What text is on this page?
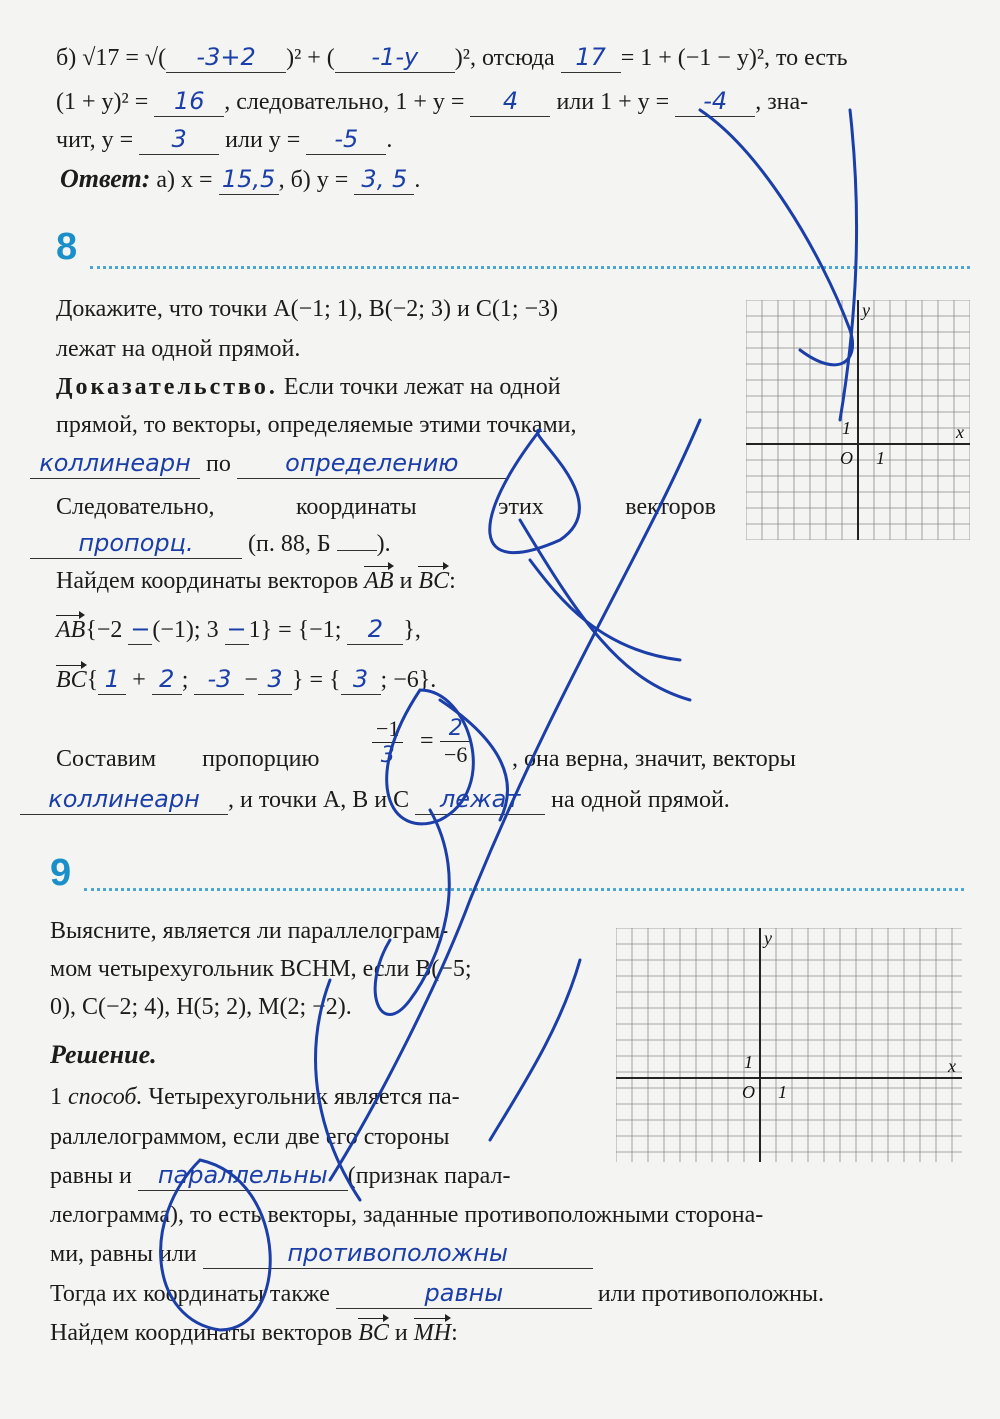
б) √17 = √( -3+2 )² + ( -1-y )², отсюда 17 = 1 + (−1 − y)², то есть
(1 + y)² = 16 , следовательно, 1 + y = 4 или 1 + y = -4 , зна-
чит, y = 3 или y = -5 .
Ответ: а) x = 15,5 , б) y = 3, 5 .
8
Докажите, что точки A(−1; 1), B(−2; 3) и C(1; −3)
лежат на одной прямой.
Доказательство. Если точки лежат на одной
прямой, то векторы, определяемые этими точками,
коллинеарн по определению
Следовательно,	координаты	этих	векторов
пропорц. (п. 88, Б ).
Найдем координаты векторов AB и BC:
AB{−2 −(−1); 3 −1} = {−1; 2 },
BC{ 1 + 2 ; -3 − 3 } = { 3 ; −6}.
Составим пропорцию	$\frac{-1}{3} = \frac{2}{-6}$ , она верна, значит, векторы
коллинеарн , и точки A, B и C лежат на одной прямой.
y
x
O 1
1
9
Выясните, является ли параллелограм-
мом четырехугольник BCHM, если B(−5;
0), C(−2; 4), H(5; 2), M(2; −2).
Решение.
1 способ. Четырехугольник является па-
раллелограммом, если две его стороны
равны и параллельны (признак парал-
лелограмма), то есть векторы, заданные противоположными сторона-
ми, равны или	противоположны
Тогда их координаты также	равны	или противоположны.
Найдем координаты векторов BC и MH:
y
x
O 1
1
